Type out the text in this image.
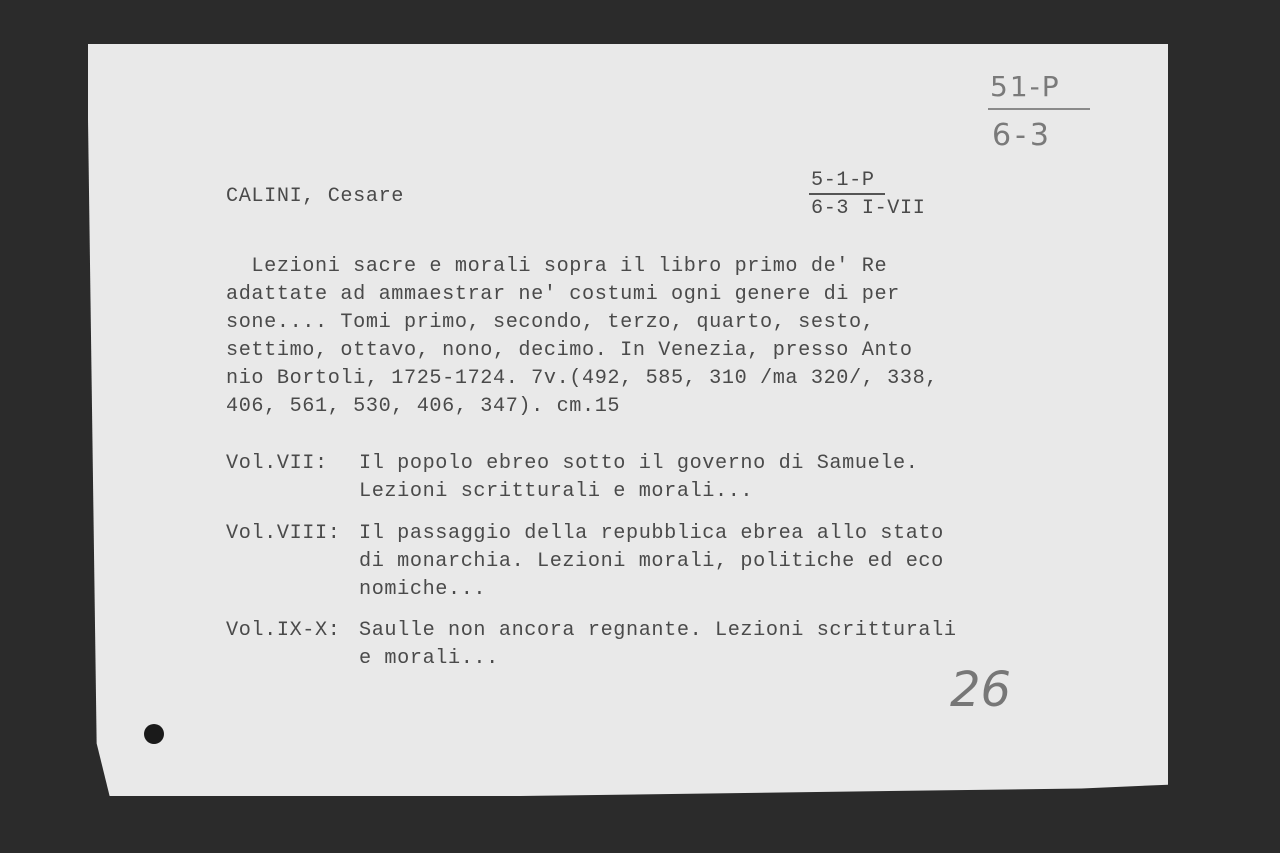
51-P
6-3
CALINI, Cesare
5-1-P
6-3 I-VII
Lezioni sacre e morali sopra il libro primo de' Re
adattate ad ammaestrar ne' costumi ogni genere di per
sone.... Tomi primo, secondo, terzo, quarto, sesto,
settimo, ottavo, nono, decimo. In Venezia, presso Anto
nio Bortoli, 1725-1724. 7v.(492, 585, 310 /ma 320/, 338,
406, 561, 530, 406, 347). cm.15
Vol.VII: Il popolo ebreo sotto il governo di Samuele.
Lezioni scritturali e morali...
Vol.VIII: Il passaggio della repubblica ebrea allo stato
di monarchia. Lezioni morali, politiche ed eco
nomiche...
Vol.IX-X: Saulle non ancora regnante. Lezioni scritturali
e morali...
26
